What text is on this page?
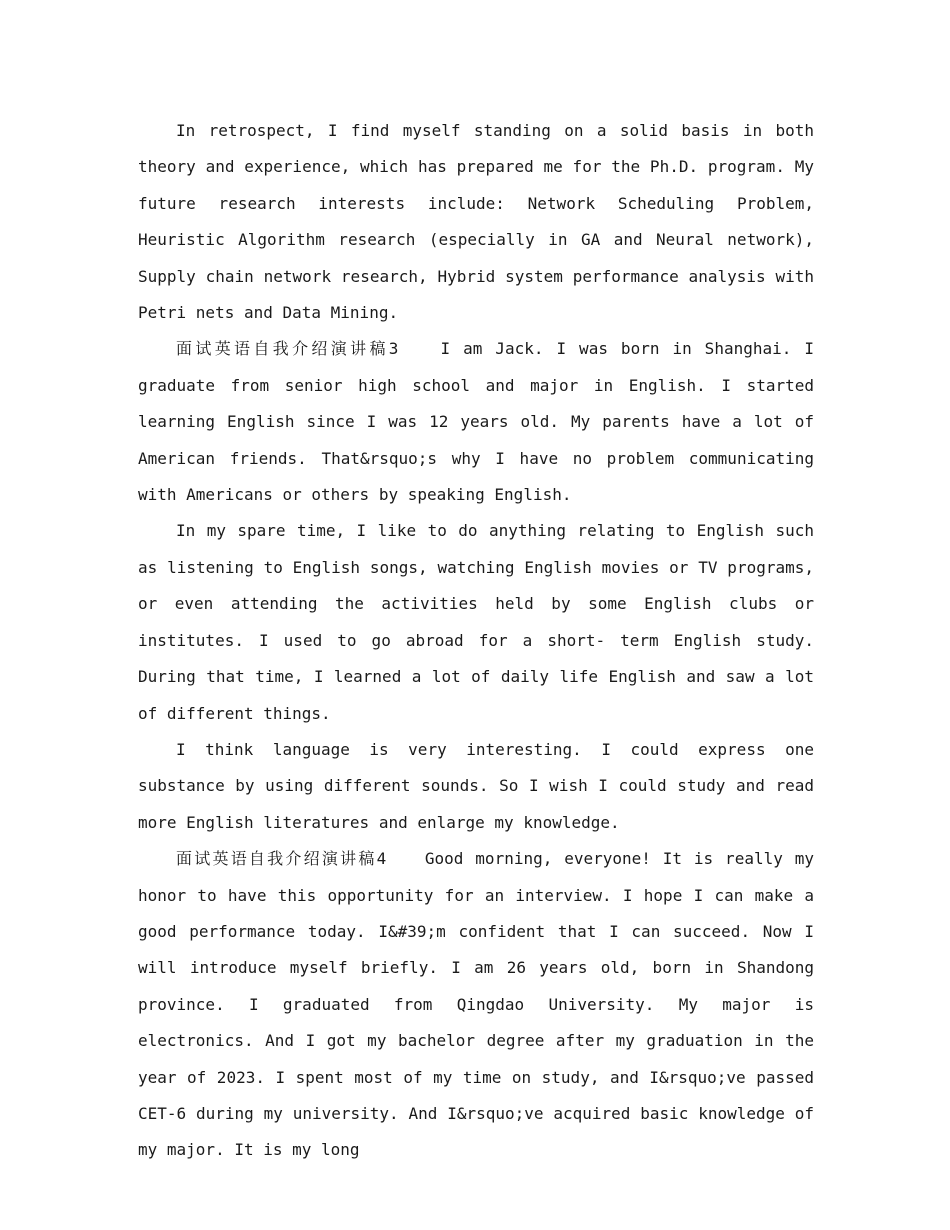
In retrospect, I find myself standing on a solid basis in both theory and experience, which has prepared me for the Ph.D. program. My future research interests include: Network Scheduling Problem, Heuristic Algorithm research (especially in GA and Neural network), Supply chain network research, Hybrid system performance analysis with Petri nets and Data Mining.

面试英语自我介绍演讲稿3　　I am Jack. I was born in Shanghai. I graduate from senior high school and major in English. I started learning English since I was 12 years old. My parents have a lot of American friends. That&rsquo;s why I have no problem communicating with Americans or others by speaking English.

In my spare time, I like to do anything relating to English such as listening to English songs, watching English movies or TV programs, or even attending the activities held by some English clubs or institutes. I used to go abroad for a short- term English study. During that time, I learned a lot of daily life English and saw a lot of different things.

I think language is very interesting. I could express one substance by using different sounds. So I wish I could study and read more English literatures and enlarge my knowledge.

面试英语自我介绍演讲稿4　　Good morning, everyone! It is really my honor to have this opportunity for an interview. I hope I can make a good performance today. I&#39;m confident that I can succeed. Now I will introduce myself briefly. I am 26 years old, born in Shandong province. I graduated from Qingdao University. My major is electronics. And I got my bachelor degree after my graduation in the year of 2023. I spent most of my time on study, and I&rsquo;ve passed CET-6 during my university. And I&rsquo;ve acquired basic knowledge of my major. It is my long
